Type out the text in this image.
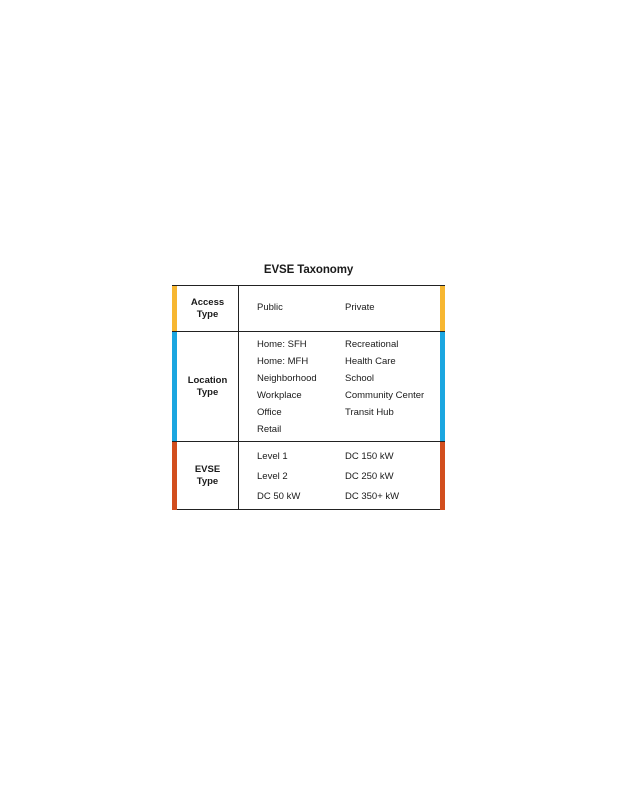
EVSE Taxonomy
Access
Type
Public	Private
Location
Type
Home: SFH
Home: MFH
Neighborhood
Workplace
Office
Retail
Recreational
Health Care
School
Community Center
Transit Hub
EVSE
Type
Level 1
Level 2
DC 50 kW
DC 150 kW
DC 250 kW
DC 350+ kW
